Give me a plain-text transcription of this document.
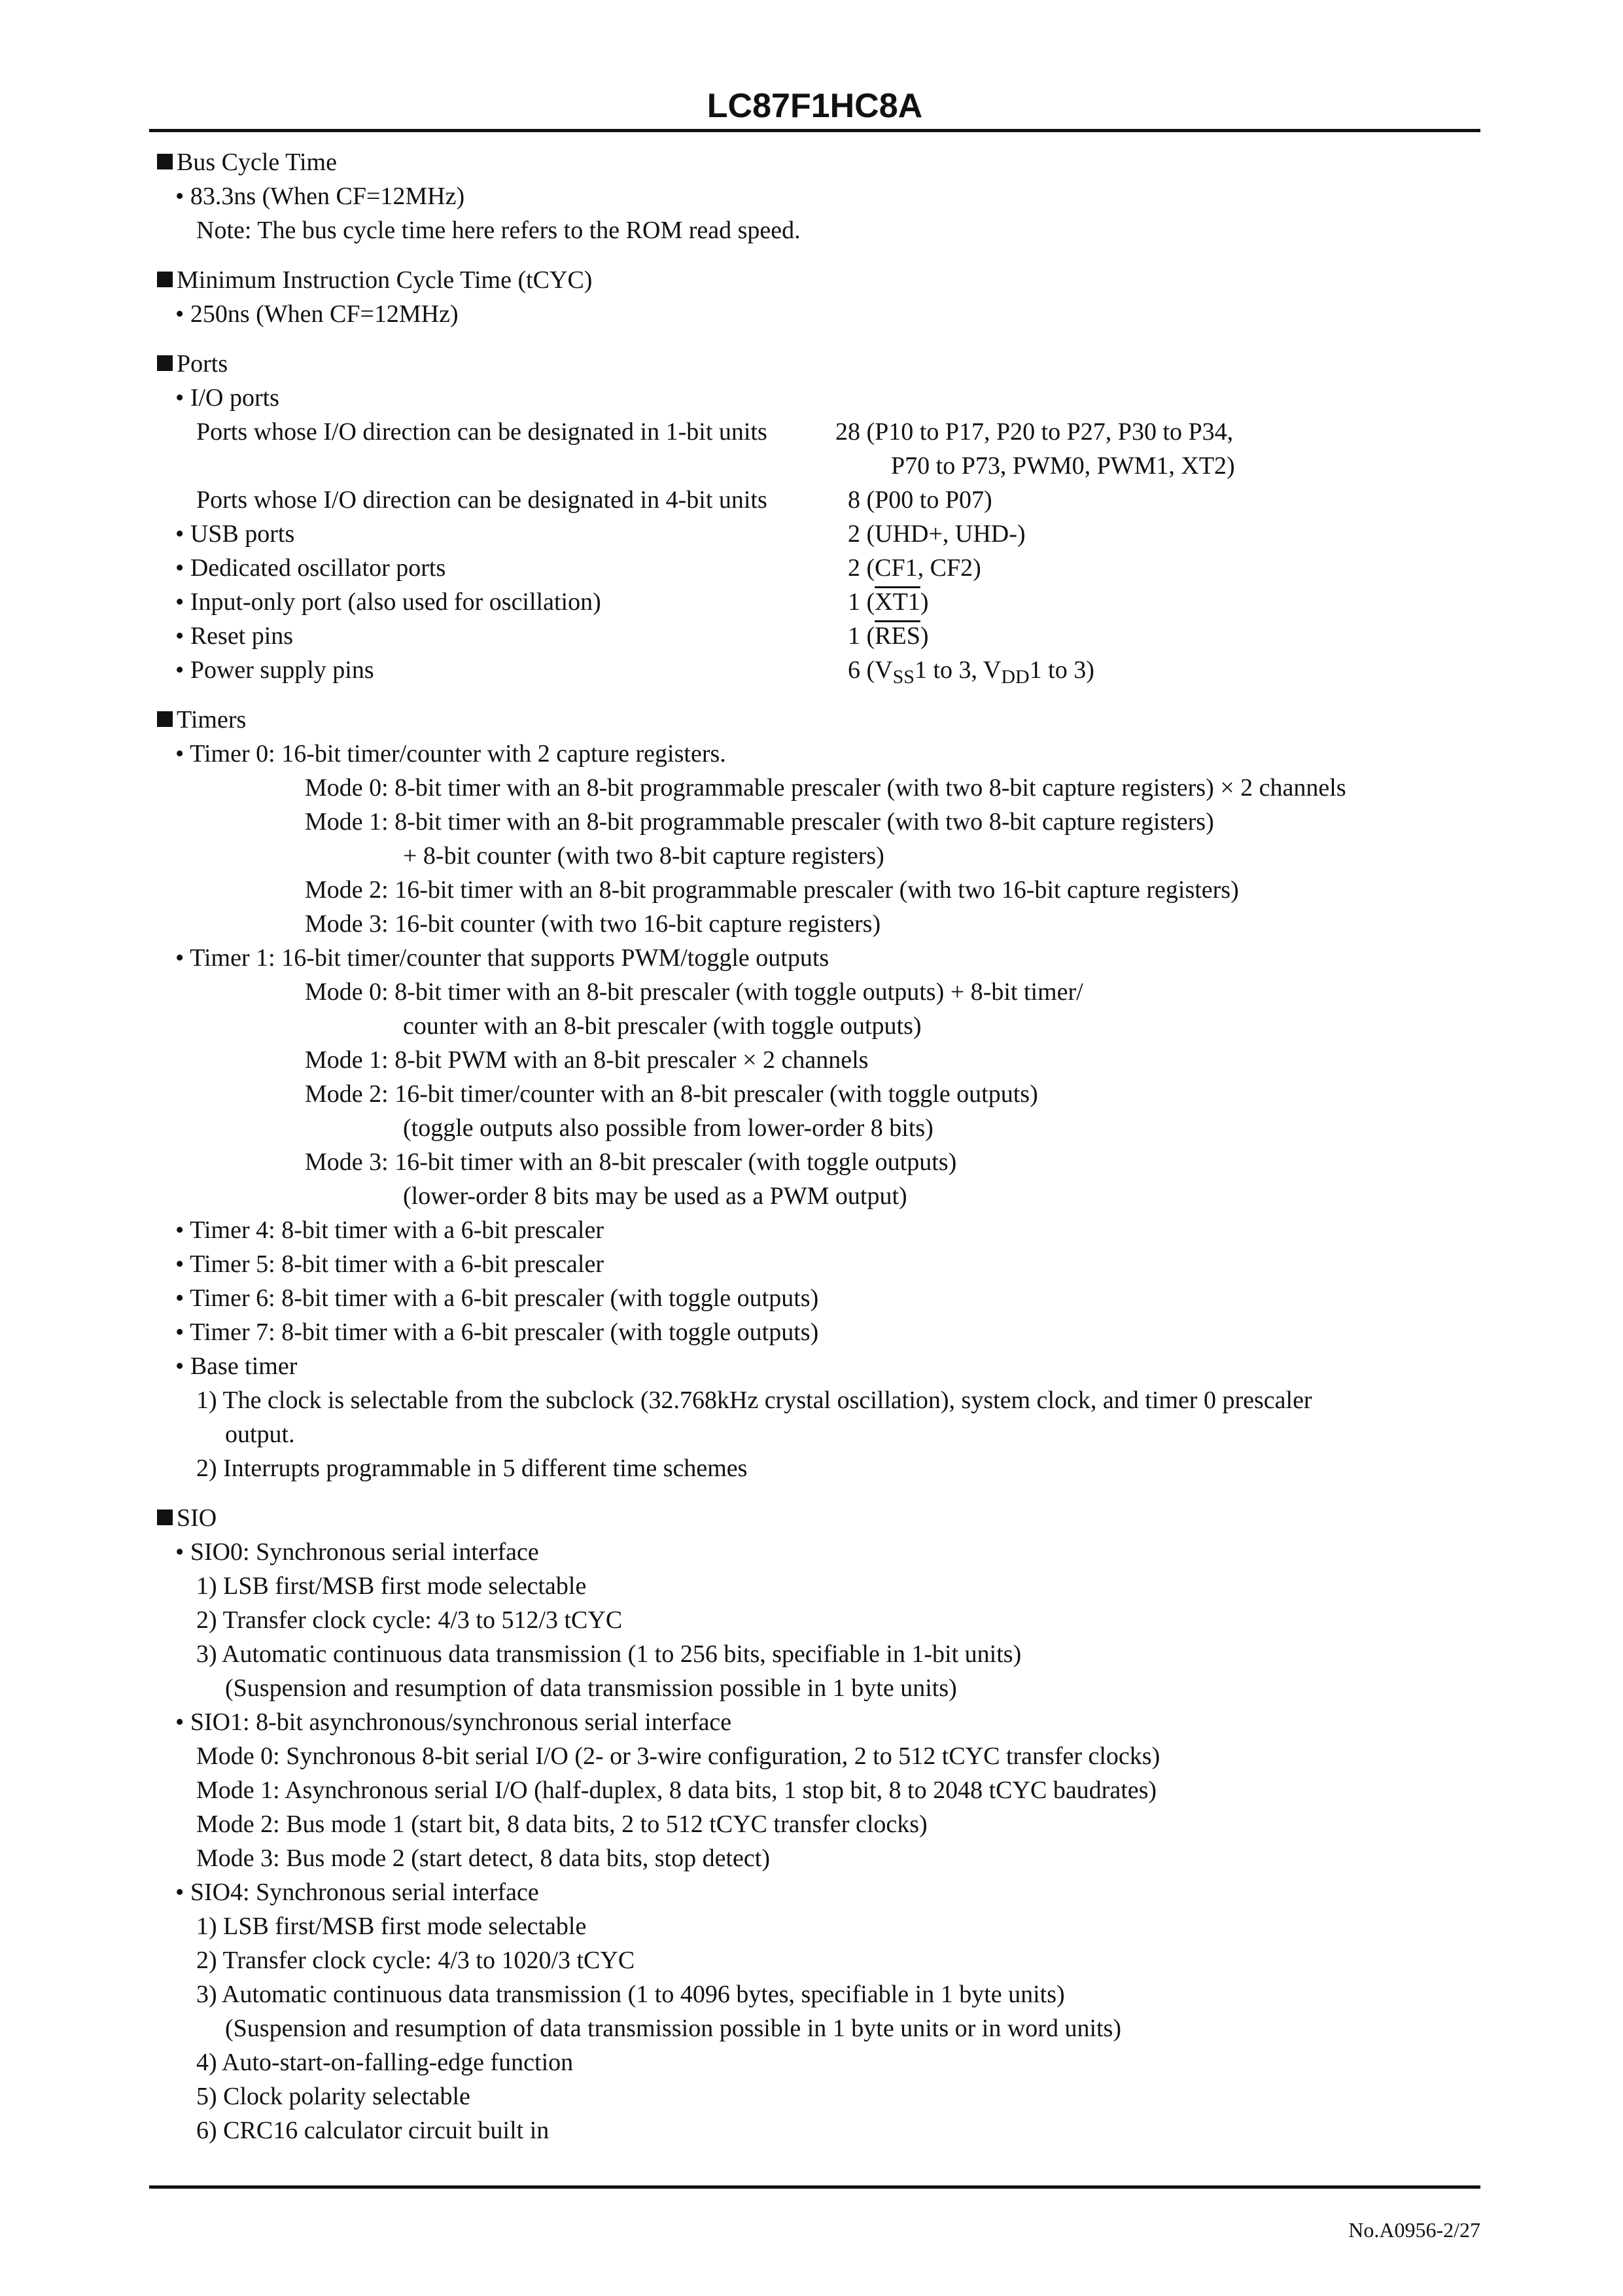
LC87F1HC8A
Bus Cycle Time
• 83.3ns (When CF=12MHz)
Note: The bus cycle time here refers to the ROM read speed.
Minimum Instruction Cycle Time (tCYC)
• 250ns (When CF=12MHz)
Ports
• I/O ports
Ports whose I/O direction can be designated in 1-bit units	28 (P10 to P17, P20 to P27, P30 to P34,
P70 to P73, PWM0, PWM1, XT2)
Ports whose I/O direction can be designated in 4-bit units	8 (P00 to P07)
• USB ports	2 (UHD+, UHD-)
• Dedicated oscillator ports	2 (CF1, CF2)
• Input-only port (also used for oscillation)	1 (XT1)
• Reset pins	1 $(\overline{RES})$
• Power supply pins	6 ($V_{SS}1$ to 3, $V_{DD}1$ to 3)
Timers
• Timer 0: 16-bit timer/counter with 2 capture registers.
Mode 0: 8-bit timer with an 8-bit programmable prescaler (with two 8-bit capture registers) × 2 channels
Mode 1: 8-bit timer with an 8-bit programmable prescaler (with two 8-bit capture registers)
+ 8-bit counter (with two 8-bit capture registers)
Mode 2: 16-bit timer with an 8-bit programmable prescaler (with two 16-bit capture registers)
Mode 3: 16-bit counter (with two 16-bit capture registers)
• Timer 1: 16-bit timer/counter that supports PWM/toggle outputs
Mode 0: 8-bit timer with an 8-bit prescaler (with toggle outputs) + 8-bit timer/
counter with an 8-bit prescaler (with toggle outputs)
Mode 1: 8-bit PWM with an 8-bit prescaler × 2 channels
Mode 2: 16-bit timer/counter with an 8-bit prescaler (with toggle outputs)
(toggle outputs also possible from lower-order 8 bits)
Mode 3: 16-bit timer with an 8-bit prescaler (with toggle outputs)
(lower-order 8 bits may be used as a PWM output)
• Timer 4: 8-bit timer with a 6-bit prescaler
• Timer 5: 8-bit timer with a 6-bit prescaler
• Timer 6: 8-bit timer with a 6-bit prescaler (with toggle outputs)
• Timer 7: 8-bit timer with a 6-bit prescaler (with toggle outputs)
• Base timer
1) The clock is selectable from the subclock (32.768kHz crystal oscillation), system clock, and timer 0 prescaler
output.
2) Interrupts programmable in 5 different time schemes
SIO
• SIO0: Synchronous serial interface
1) LSB first/MSB first mode selectable
2) Transfer clock cycle: 4/3 to 512/3 tCYC
3) Automatic continuous data transmission (1 to 256 bits, specifiable in 1-bit units)
(Suspension and resumption of data transmission possible in 1 byte units)
• SIO1: 8-bit asynchronous/synchronous serial interface
Mode 0: Synchronous 8-bit serial I/O (2- or 3-wire configuration, 2 to 512 tCYC transfer clocks)
Mode 1: Asynchronous serial I/O (half-duplex, 8 data bits, 1 stop bit, 8 to 2048 tCYC baudrates)
Mode 2: Bus mode 1 (start bit, 8 data bits, 2 to 512 tCYC transfer clocks)
Mode 3: Bus mode 2 (start detect, 8 data bits, stop detect)
• SIO4: Synchronous serial interface
1) LSB first/MSB first mode selectable
2) Transfer clock cycle: 4/3 to 1020/3 tCYC
3) Automatic continuous data transmission (1 to 4096 bytes, specifiable in 1 byte units)
(Suspension and resumption of data transmission possible in 1 byte units or in word units)
4) Auto-start-on-falling-edge function
5) Clock polarity selectable
6) CRC16 calculator circuit built in
No.A0956-2/27
